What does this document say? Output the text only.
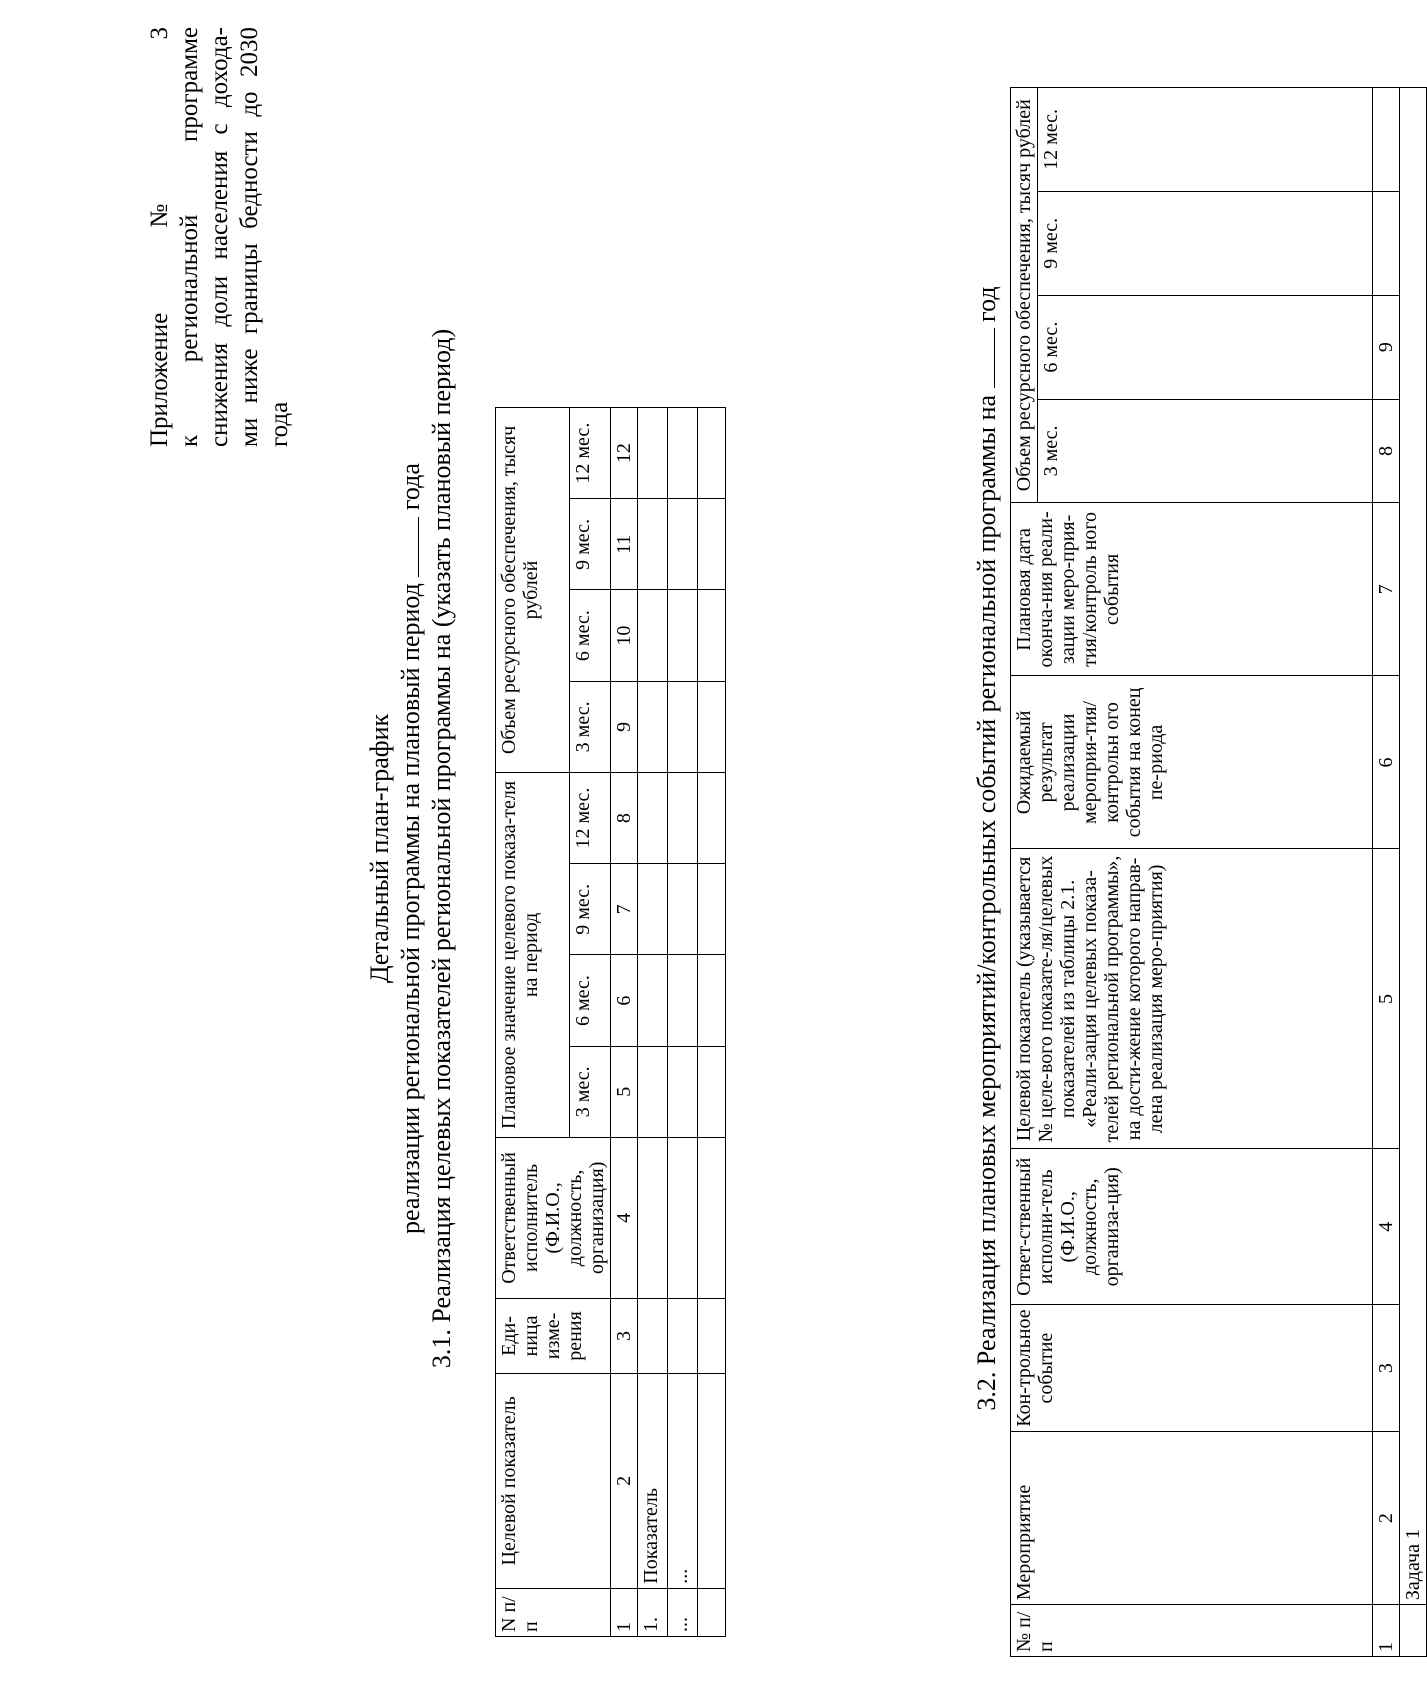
Приложение № 3 к региональной программе снижения доли населения с дохода- ми ниже границы бедности до 2030 года
Детальный план-график реализации региональной программы на плановый период  года 3.1. Реализация целевых показателей региональной программы на (указать плановый период)
N п/п	Целевой показатель	Еди-ница изме-рения	Ответственный исполнитель (Ф.И.О., должность, организация)	Плановое значение целевого показа-теля на период				Объем ресурсного обеспечения, тысяч рублей			
				3 мес.	6 мес.	9 мес.	12 мес.	3 мес.	6 мес.	9 мес.	12 мес.
1	2	3	4	5	6	7	8	9	10	11	12
1.	Показатель										
...	...										

3.2. Реализация плановых мероприятий/контрольных событий региональной программы на  год
№ п/п	Мероприятие	Кон-трольное событие	Ответ-ственный исполни-тель (Ф.И.О., должность, организа-ция)	Целевой показатель (указывается № целе-вого показате-ля/целевых показателей из таблицы 2.1. «Реали-зация целевых показа-телей региональной программы», на дости-жение которого направ-лена реализация меро-приятия)	Ожидаемый результат реализации мероприя-тия/контрольн ого события на конец пе-риода	Плановая дата оконча-ния реали-зации меро-прия-тия/контроль ного события	Объем ресурсного обеспечения, тысяч рублей			
							3 мес.	6 мес.	9 мес.	12 мес.
1	2	3	4	5	6	7	8	9		
	Задача 1									
